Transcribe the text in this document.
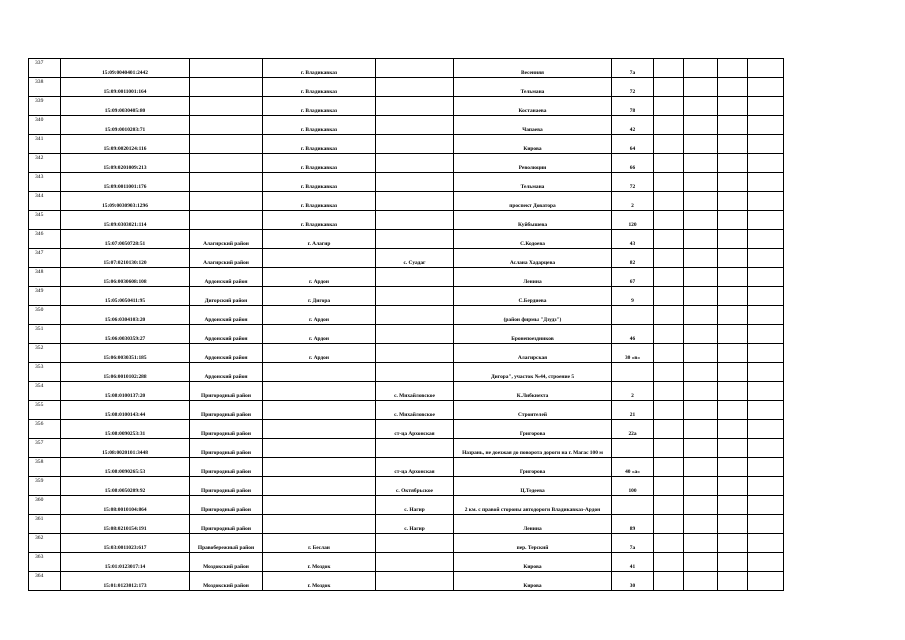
337	15:09:0040401:2442		г. Владикавказ		Весенняя	7а				
338	15:09:0011001:164		г. Владикавказ		Тельмана	72				
339	15:09:0030405:80		г. Владикавказ		Костанаева	78				
340	15:09:0010203:71		г. Владикавказ		Чапаева	42				
341	15:09:0020124:116		г. Владикавказ		Кирова	64				
342	15:09:0201009:213		г. Владикавказ		Революции	66				
343	15:09:0011001:176		г. Владикавказ		Тельмана	72				
344	15:09:0030903:1296		г. Владикавказ		проспект Доватора	2				
345	15:09:0303021:114		г. Владикавказ		Куйбышева	120				
346	15:07:0050728:51	Алагирский район	г. Алагир		С.Кодоева	43				
347	15:07:0210130:120	Алагирский район		с. Суадаг	Аслана Хадарцева	82				
348	15:06:0030608:108	Ардонский район	г. Ардон		Ленина	67				
349	15:05:0050411:95	Дигорский район	г. Дигора		С.Бердиева	9				
350	15:06:0304103:20	Ардонский район	г. Ардон		(район фирмы "Дзудз")					
351	15:06:0030359:27	Ардонский район	г. Ардон		Бронепоездников	46				
352	15:06:0030351:185	Ардонский район	г. Ардон		Алагирская	30 «в»				
353	15:06:0010102:288	Ардонский район			Дигора", участок №44, строение 5					
354	15:08:0100137:20	Пригородный район		с. Михайловское	К.Либкнехта	2				
355	15:08:0100143:44	Пригородный район		с. Михайловское	Строителей	21				
356	15:08:0090253:31	Пригородный район		ст-ца Архонская	Григорова	22а				
357	15:08:0020101:3448	Пригородный район			Назрань, не доезжая до поворота дороги на г. Магас 100 м					
358	15:08:0090265:53	Пригородный район		ст-ца Архонская	Григорова	40 «а»				
359	15:08:0050209:92	Пригородный район		с. Октябрьское	Ц.Тедеева	100				
360	15:08:0010104:864	Пригородный район		с. Нагир	2 км. с правой стороны автодороги Владикавказ-Ардон					
361	15:08:0210154:191	Пригородный район		с. Нагир	Ленина	89				
362	15:03:0011023:617	Правобережный район	г. Беслан		пер. Терский	7а				
363	15:01:0123017:14	Моздокский район	г. Моздок		Кирова	41				
364	15:01:0123012:173	Моздокский район	г. Моздок		Кирова	30				
